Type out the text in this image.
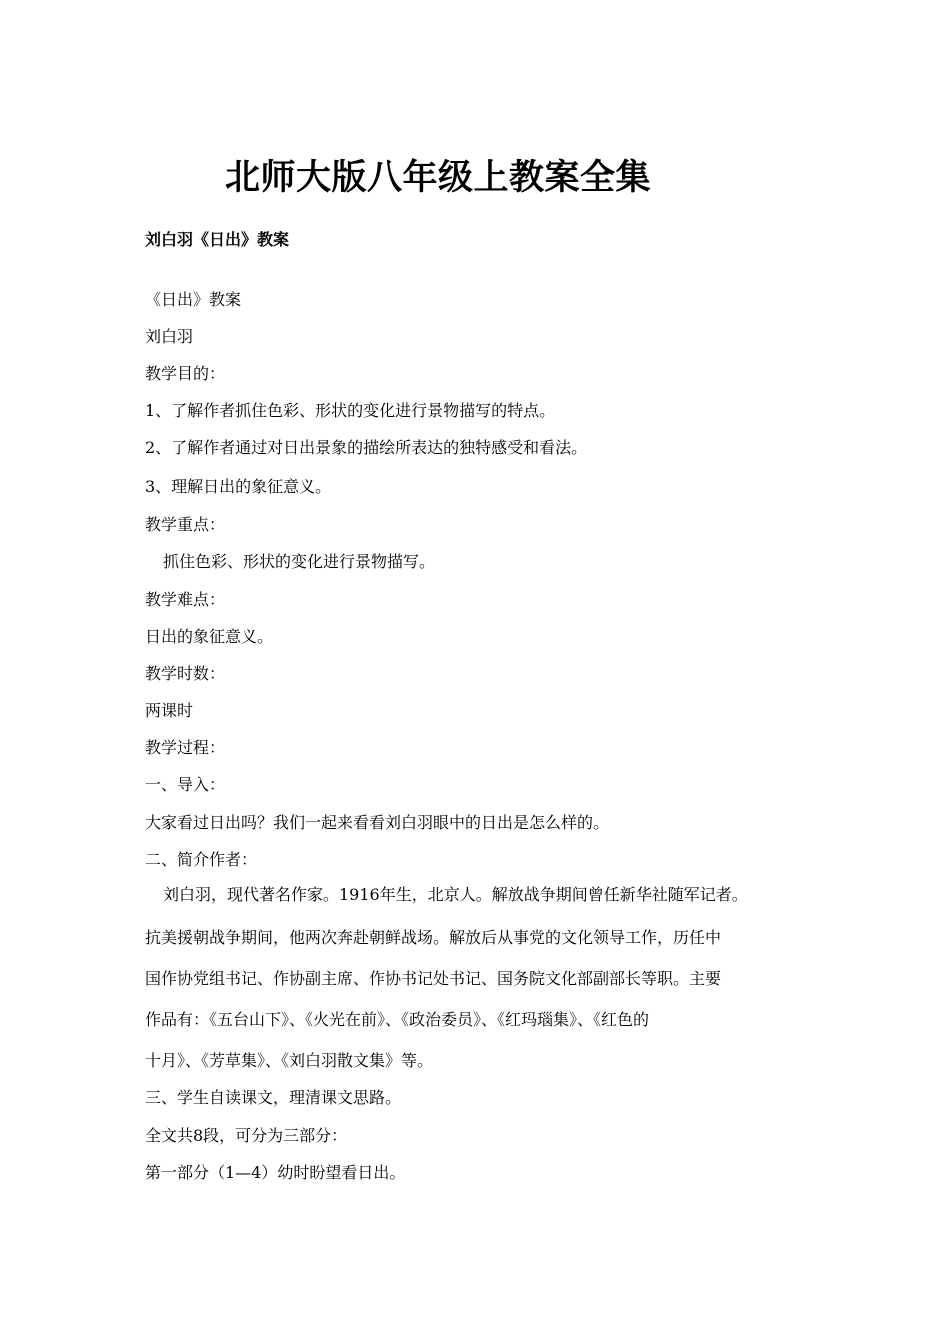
北师大版八年级上教案全集
刘白羽《日出》教案
《日出》教案
刘白羽
教学目的：
1、了解作者抓住色彩、形状的变化进行景物描写的特点。
2、了解作者通过对日出景象的描绘所表达的独特感受和看法。
3、理解日出的象征意义。
教学重点：
抓住色彩、形状的变化进行景物描写。
教学难点：
日出的象征意义。
教学时数：
两课时
教学过程：
一、导入：
大家看过日出吗？我们一起来看看刘白羽眼中的日出是怎么样的。
二、简介作者：
刘白羽，现代著名作家。1916年生，北京人。解放战争期间曾任新华社随军记者。
抗美援朝战争期间，他两次奔赴朝鲜战场。解放后从事党的文化领导工作，历任中
国作协党组书记、作协副主席、作协书记处书记、国务院文化部副部长等职。主要
作品有：《五台山下》、《火光在前》、《政治委员》、《红玛瑙集》、《红色的
十月》、《芳草集》、《刘白羽散文集》等。
三、学生自读课文，理清课文思路。
全文共8段，可分为三部分：
第一部分（1—4）幼时盼望看日出。
